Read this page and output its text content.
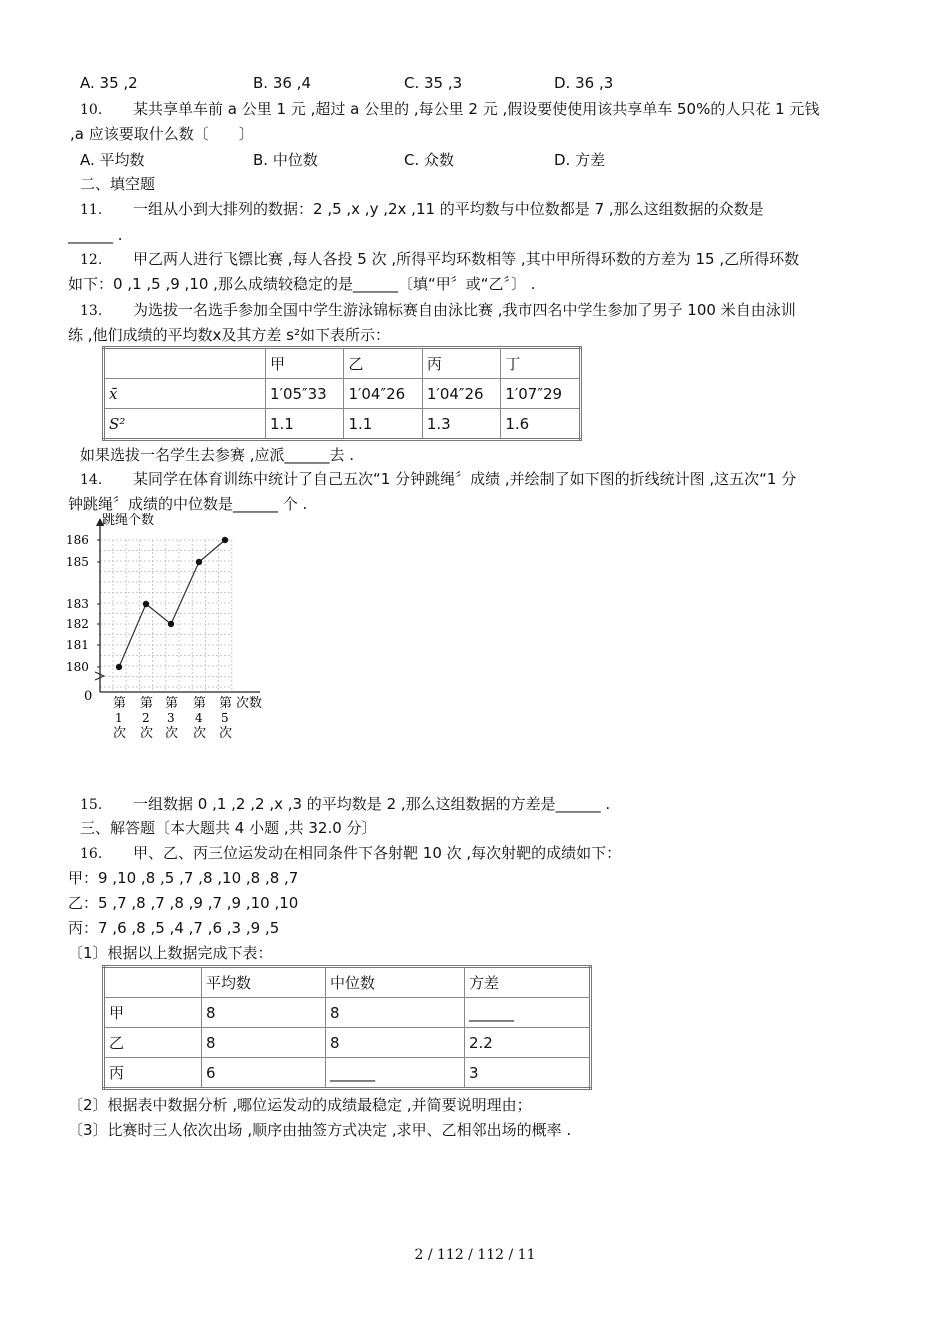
A. 35 ,2	B. 36 ,4	C. 35 ,3	D. 36 ,3
10. 某共享单车前 a 公里 1 元 ,超过 a 公里的 ,每公里 2 元 ,假设要使使用该共享单车 50%的人只花 1 元钱
,a 应该要取什么数〔　　〕
A. 平均数	B. 中位数	C. 众数	D. 方差
二、填空题
11. 一组从小到大排列的数据：2 ,5 ,x ,y ,2x ,11 的平均数与中位数都是 7 ,那么这组数据的众数是
______ .
12. 甲乙两人进行飞镖比赛 ,每人各投 5 次 ,所得平均环数相等 ,其中甲所得环数的方差为 15 ,乙所得环数
如下：0 ,1 ,5 ,9 ,10 ,那么成绩较稳定的是______〔填“甲〞或“乙〞〕 .
13. 为选拔一名选手参加全国中学生游泳锦标赛自由泳比赛 ,我市四名中学生参加了男子 100 米自由泳训
练 ,他们成绩的平均数x及其方差 s²如下表所示：
	甲	乙	丙	丁
x̄	1′05″33	1′04″26	1′04″26	1′07″29
S²	1.1	1.1	1.3	1.6
如果选拔一名学生去参赛 ,应派______去 .
14. 某同学在体育训练中统计了自己五次“1 分钟跳绳〞成绩 ,并绘制了如下图的折线统计图 ,这五次“1 分
钟跳绳〞成绩的中位数是______ 个 .
跳绳个数
次数
0
180
181
182
183
185
186
第
1
次
第
2
次
第
3
次
第
4
次
第
5
次
15. 一组数据 0 ,1 ,2 ,2 ,x ,3 的平均数是 2 ,那么这组数据的方差是______ .
三、解答题〔本大题共 4 小题 ,共 32.0 分〕
16. 甲、乙、丙三位运发动在相同条件下各射靶 10 次 ,每次射靶的成绩如下：
甲：9 ,10 ,8 ,5 ,7 ,8 ,10 ,8 ,8 ,7
乙：5 ,7 ,8 ,7 ,8 ,9 ,7 ,9 ,10 ,10
丙：7 ,6 ,8 ,5 ,4 ,7 ,6 ,3 ,9 ,5
〔1〕根据以上数据完成下表：
	平均数	中位数	方差
甲	8	8	______
乙	8	8	2.2
丙	6	______	3
〔2〕根据表中数据分析 ,哪位运发动的成绩最稳定 ,并简要说明理由；
〔3〕比赛时三人依次出场 ,顺序由抽签方式决定 ,求甲、乙相邻出场的概率 .
2 / 112 / 112 / 11
